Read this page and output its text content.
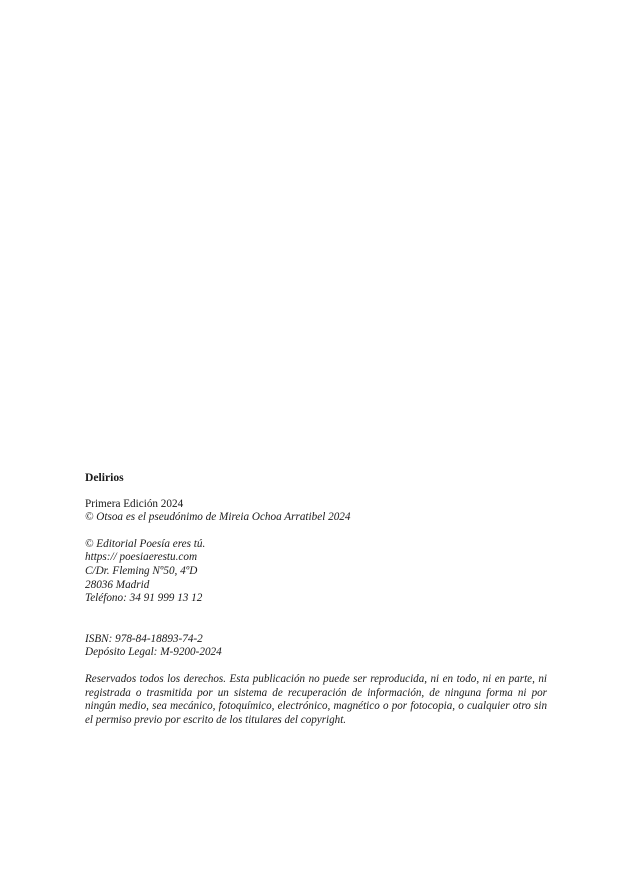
Delirios

Primera Edición 2024

© Otsoa es el pseudónimo de Mireia Ochoa Arratibel 2024

© Editorial Poesía eres tú.

https:// poesiaerestu.com

C/Dr. Fleming Nº50, 4ºD

28036 Madrid

Teléfono: 34 91 999 13 12

ISBN: 978-84-18893-74-2

Depósito Legal: M-9200-2024

Reservados todos los derechos. Esta publicación no puede ser reproducida, ni en todo, ni en parte, ni registrada o trasmitida por un sistema de recuperación de información, de ninguna forma ni por ningún medio, sea mecánico, fotoquímico, electrónico, magnético o por fotocopia, o cualquier otro sin el permiso previo por escrito de los titulares del copyright.
